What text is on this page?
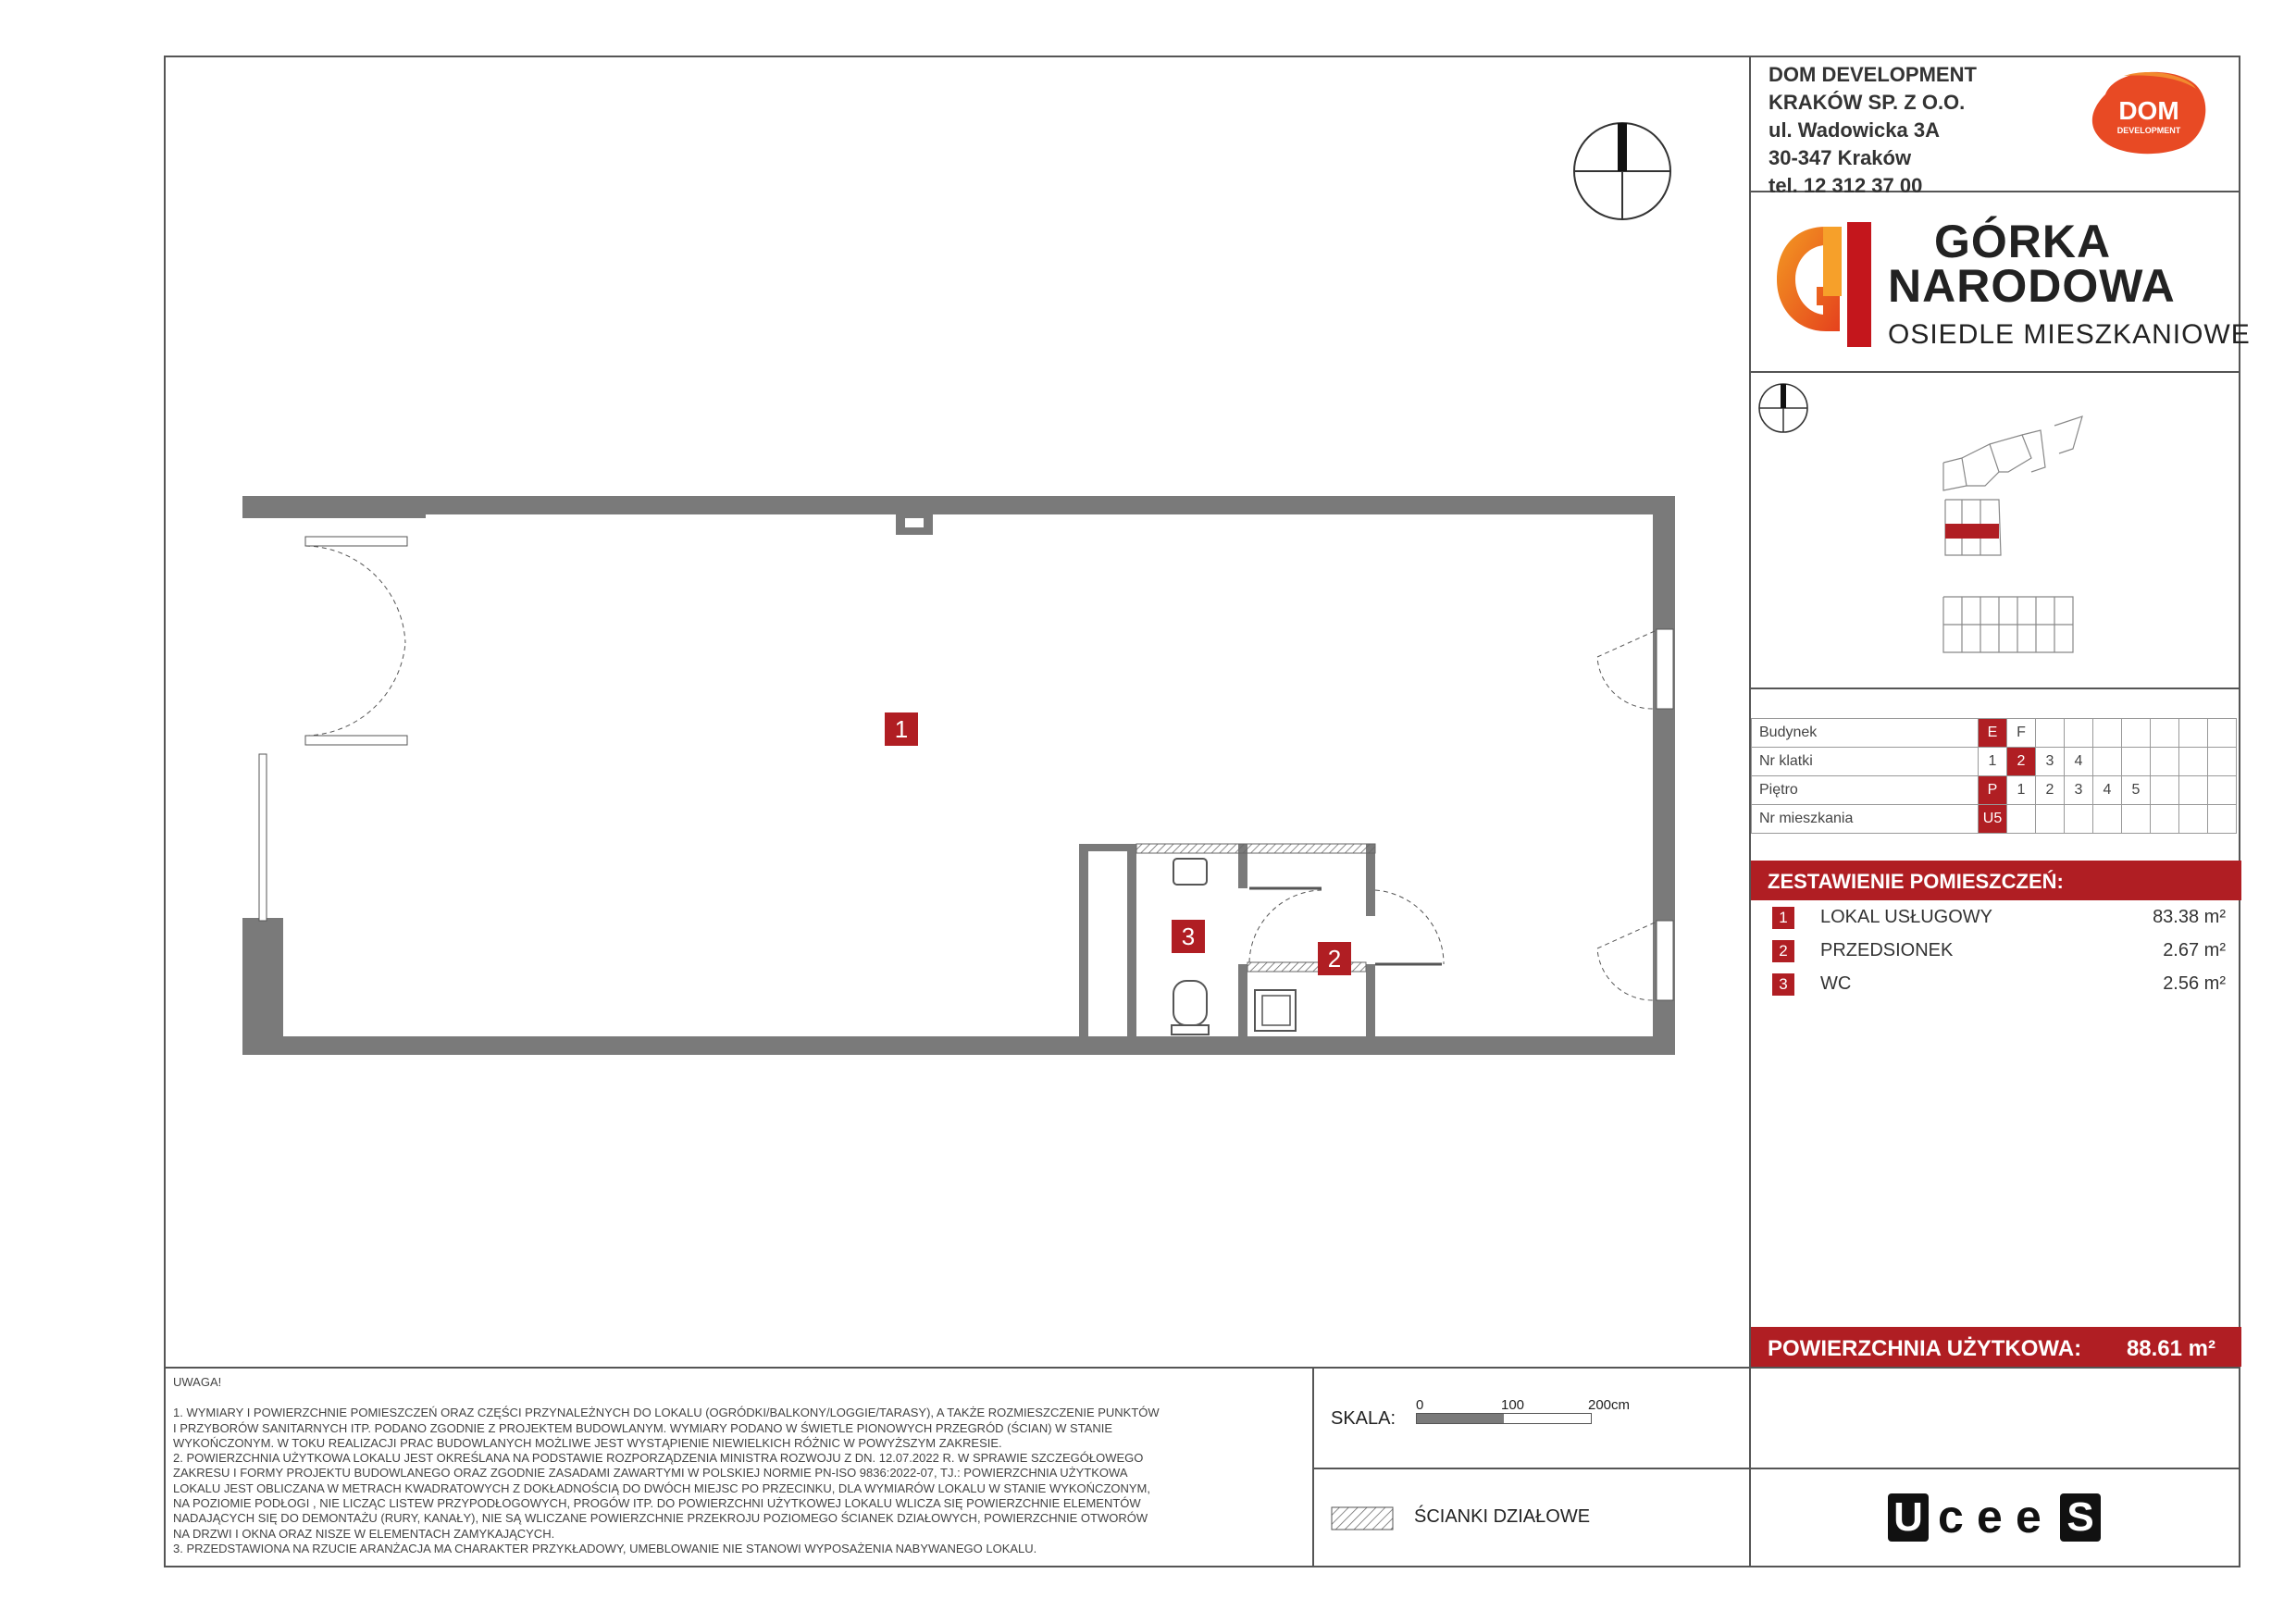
DOM DEVELOPMENT
KRAKÓW SP. Z O.O.
ul. Wadowicka 3A
30-347 Kraków
tel. 12 312 37 00
DOM
DEVELOPMENT
GÓRKA
NARODOWA
OSIEDLE MIESZKANIOWE
Budynek	E	F							
Nr klatki	1	2	3	4					
Piętro	P	1	2	3	4	5			
Nr mieszkania	U5								
ZESTAWIENIE POMIESZCZEŃ:
1	LOKAL USŁUGOWY	83.38 m²
2	PRZEDSIONEK	2.67 m²
3	WC	2.56 m²
POWIERZCHNIA UŻYTKOWA: 88.61 m²
1
2
3
UWAGA!
1. WYMIARY I POWIERZCHNIE POMIESZCZEŃ ORAZ CZĘŚCI PRZYNALEŻNYCH DO LOKALU (OGRÓDKI/BALKONY/LOGGIE/TARASY), A TAKŻE ROZMIESZCZENIE PUNKTÓW
I PRZYBORÓW SANITARNYCH ITP. PODANO ZGODNIE Z PROJEKTEM BUDOWLANYM. WYMIARY PODANO W ŚWIETLE PIONOWYCH PRZEGRÓD (ŚCIAN) W STANIE
WYKOŃCZONYM. W TOKU REALIZACJI PRAC BUDOWLANYCH MOŻLIWE JEST WYSTĄPIENIE NIEWIELKICH RÓŻNIC W POWYŻSZYM ZAKRESIE.
2. POWIERZCHNIA UŻYTKOWA LOKALU JEST OKREŚLANA NA PODSTAWIE ROZPORZĄDZENIA MINISTRA ROZWOJU Z DN. 12.07.2022 R. W SPRAWIE SZCZEGÓŁOWEGO
ZAKRESU I FORMY PROJEKTU BUDOWLANEGO ORAZ ZGODNIE ZASADAMI ZAWARTYMI W POLSKIEJ NORMIE PN-ISO 9836:2022-07, TJ.: POWIERZCHNIA UŻYTKOWA
LOKALU JEST OBLICZANA W METRACH KWADRATOWYCH Z DOKŁADNOŚCIĄ DO DWÓCH MIEJSC PO PRZECINKU, DLA WYMIARÓW LOKALU W STANIE WYKOŃCZONYM,
NA POZIOMIE PODŁOGI , NIE LICZĄC LISTEW PRZYPODŁOGOWYCH, PROGÓW ITP. DO POWIERZCHNI UŻYTKOWEJ LOKALU WLICZA SIĘ POWIERZCHNIE ELEMENTÓW
NADAJĄCYCH SIĘ DO DEMONTAŻU (RURY, KANAŁY), NIE SĄ WLICZANE POWIERZCHNIE PRZEKROJU POZIOMEGO ŚCIANEK DZIAŁOWYCH, POWIERZCHNIE OTWORÓW
NA DRZWI I OKNA ORAZ NISZE W ELEMENTACH ZAMYKAJĄCYCH.
3. PRZEDSTAWIONA NA RZUCIE ARANŻACJA MA CHARAKTER PRZYKŁADOWY, UMEBLOWANIE NIE STANOWI WYPOSAŻENIA NABYWANEGO LOKALU.
SKALA:
0	100	200cm
ŚCIANKI DZIAŁOWE	U c e e S
